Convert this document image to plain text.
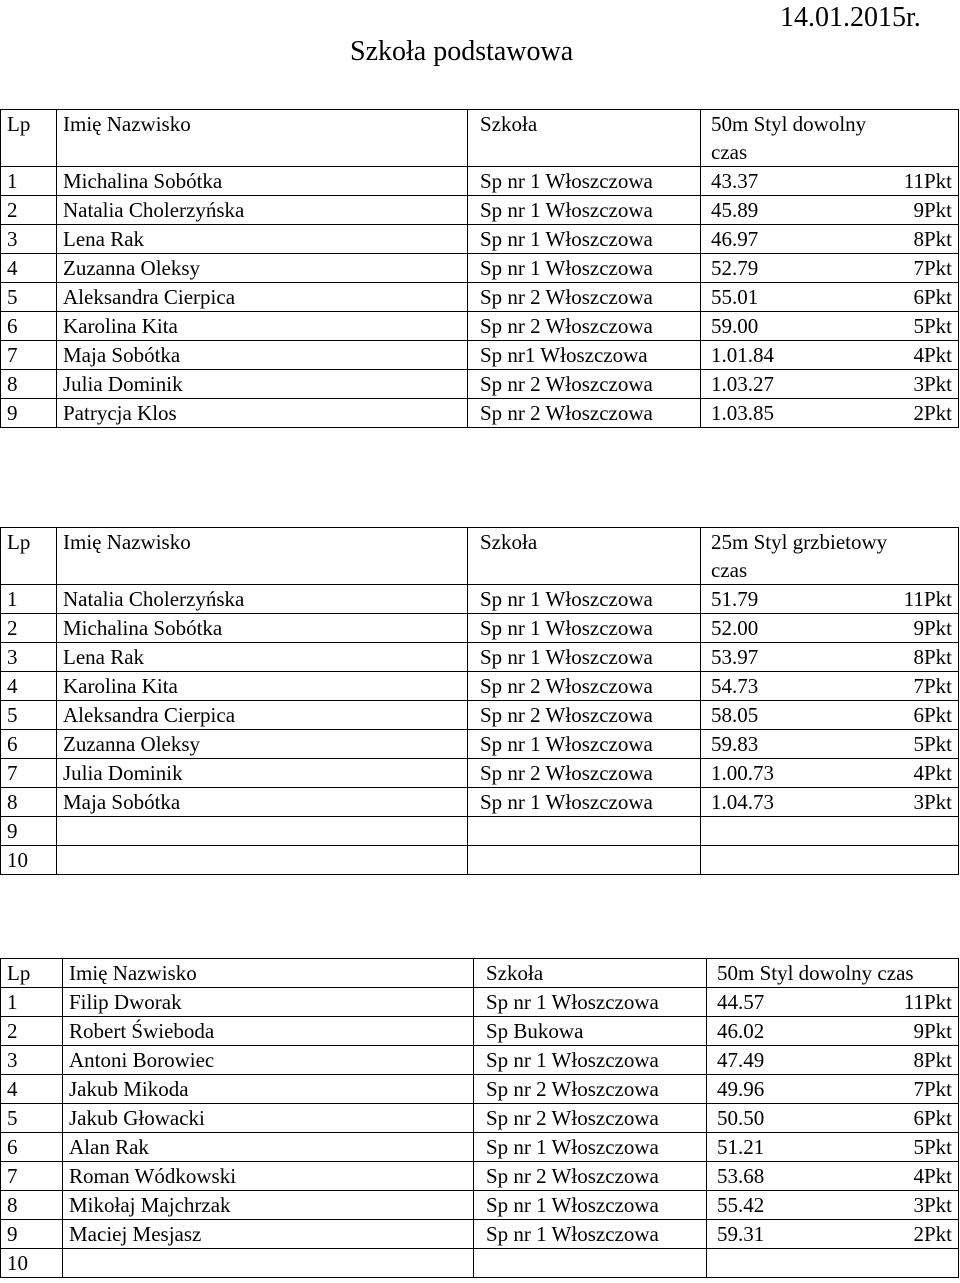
14.01.2015r.
Szkoła podstawowa
Lp	Imię Nazwisko	Szkoła	50m Styl dowolny	
			czas	
1	Michalina Sobótka	Sp nr 1 Włoszczowa	43.37	11Pkt
2	Natalia Cholerzyńska	Sp nr 1 Włoszczowa	45.89	9Pkt
3	Lena Rak	Sp nr 1 Włoszczowa	46.97	8Pkt
4	Zuzanna Oleksy	Sp nr 1 Włoszczowa	52.79	7Pkt
5	Aleksandra Cierpica	Sp nr 2 Włoszczowa	55.01	6Pkt
6	Karolina Kita	Sp nr 2 Włoszczowa	59.00	5Pkt
7	Maja Sobótka	Sp nr1 Włoszczowa	1.01.84	4Pkt
8	Julia Dominik	Sp nr 2 Włoszczowa	1.03.27	3Pkt
9	Patrycja Klos	Sp nr 2 Włoszczowa	1.03.85	2Pkt
Lp	Imię Nazwisko	Szkoła	25m Styl grzbietowy	
			czas	
1	Natalia Cholerzyńska	Sp nr 1 Włoszczowa	51.79	11Pkt
2	Michalina Sobótka	Sp nr 1 Włoszczowa	52.00	9Pkt
3	Lena Rak	Sp nr 1 Włoszczowa	53.97	8Pkt
4	Karolina Kita	Sp nr 2 Włoszczowa	54.73	7Pkt
5	Aleksandra Cierpica	Sp nr 2 Włoszczowa	58.05	6Pkt
6	Zuzanna Oleksy	Sp nr 1 Włoszczowa	59.83	5Pkt
7	Julia Dominik	Sp nr 2 Włoszczowa	1.00.73	4Pkt
8	Maja Sobótka	Sp nr 1 Włoszczowa	1.04.73	3Pkt
9				
10				
Lp	Imię Nazwisko	Szkoła	50m Styl dowolny czas	
1	Filip Dworak	Sp nr 1 Włoszczowa	44.57	11Pkt
2	Robert Świeboda	Sp Bukowa	46.02	9Pkt
3	Antoni Borowiec	Sp nr 1 Włoszczowa	47.49	8Pkt
4	Jakub Mikoda	Sp nr 2 Włoszczowa	49.96	7Pkt
5	Jakub Głowacki	Sp nr 2 Włoszczowa	50.50	6Pkt
6	Alan Rak	Sp nr 1 Włoszczowa	51.21	5Pkt
7	Roman Wódkowski	Sp nr 2 Włoszczowa	53.68	4Pkt
8	Mikołaj Majchrzak	Sp nr 1 Włoszczowa	55.42	3Pkt
9	Maciej Mesjasz	Sp nr 1 Włoszczowa	59.31	2Pkt
10				
